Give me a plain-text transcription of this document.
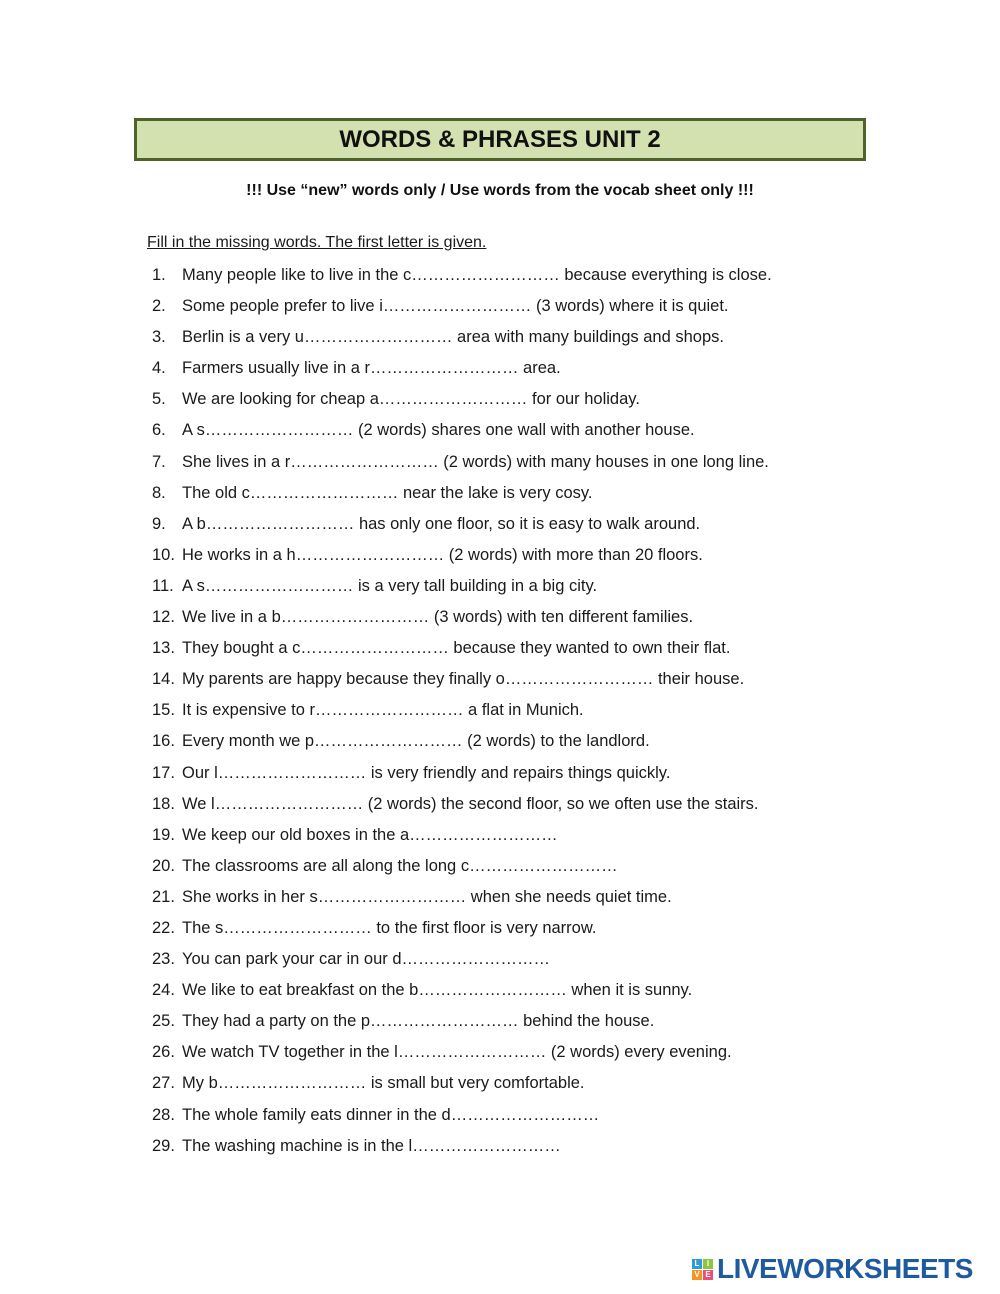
WORDS & PHRASES UNIT 2
!!! Use “new” words only / Use words from the vocab sheet only !!!
Fill in the missing words. The first letter is given.
1. Many people like to live in the c……………………… because everything is close.
2. Some people prefer to live i……………………… (3 words) where it is quiet.
3. Berlin is a very u……………………… area with many buildings and shops.
4. Farmers usually live in a r……………………… area.
5. We are looking for cheap a……………………… for our holiday.
6. A s……………………… (2 words) shares one wall with another house.
7. She lives in a r……………………… (2 words) with many houses in one long line.
8. The old c……………………… near the lake is very cosy.
9. A b……………………… has only one floor, so it is easy to walk around.
10. He works in a h……………………… (2 words) with more than 20 floors.
11. A s……………………… is a very tall building in a big city.
12. We live in a b……………………… (3 words) with ten different families.
13. They bought a c……………………… because they wanted to own their flat.
14. My parents are happy because they finally o……………………… their house.
15. It is expensive to r……………………… a flat in Munich.
16. Every month we p……………………… (2 words) to the landlord.
17. Our l……………………… is very friendly and repairs things quickly.
18. We l……………………… (2 words) the second floor, so we often use the stairs.
19. We keep our old boxes in the a………………………
20. The classrooms are all along the long c………………………
21. She works in her s……………………… when she needs quiet time.
22. The s……………………… to the first floor is very narrow.
23. You can park your car in our d………………………
24. We like to eat breakfast on the b……………………… when it is sunny.
25. They had a party on the p……………………… behind the house.
26. We watch TV together in the l……………………… (2 words) every evening.
27. My b……………………… is small but very comfortable.
28. The whole family eats dinner in the d………………………
29. The washing machine is in the l………………………
L I
V E LIVEWORKSHEETS
